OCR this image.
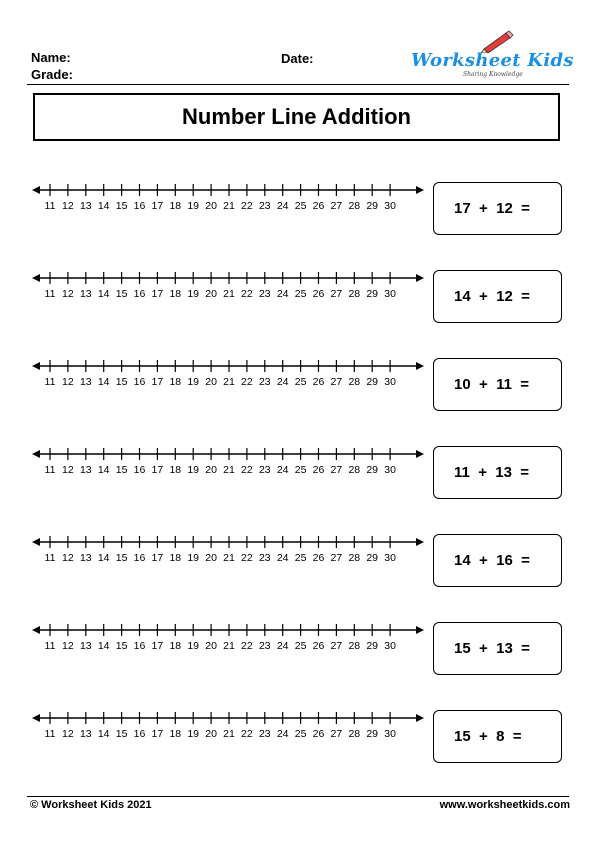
Name:
Grade:
Date:	Worksheet Kids
Sharing Knowledge
Number Line Addition
11 12 13 14 15 16 17 18 19 20 21 22 23 24 25 26 27 28 29 30	17  +  12  =
11 12 13 14 15 16 17 18 19 20 21 22 23 24 25 26 27 28 29 30	14  +  12  =
11 12 13 14 15 16 17 18 19 20 21 22 23 24 25 26 27 28 29 30	10  +  11  =
11 12 13 14 15 16 17 18 19 20 21 22 23 24 25 26 27 28 29 30	11  +  13  =
11 12 13 14 15 16 17 18 19 20 21 22 23 24 25 26 27 28 29 30	14  +  16  =
11 12 13 14 15 16 17 18 19 20 21 22 23 24 25 26 27 28 29 30	15  +  13  =
11 12 13 14 15 16 17 18 19 20 21 22 23 24 25 26 27 28 29 30	15  +  8  =
© Worksheet Kids 2021	www.worksheetkids.com
